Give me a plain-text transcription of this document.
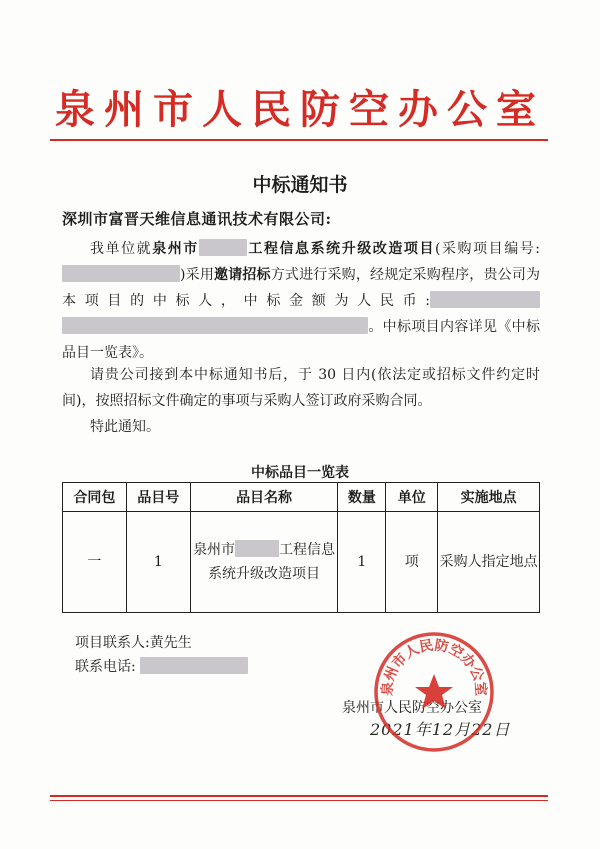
泉州市人民防空办公室
中标通知书
深圳市富晋天维信息通讯技术有限公司:
我单位就泉州市	工程信息系统升级改造项目(采购项目编号:)采用邀请招标方式进行采购，经规定采购程序，贵公司为本项目的中标人，中标金额为人民币: 。中标项目内容详见《中标品目一览表》。
请贵公司接到本中标通知书后，于 30 日内(依法定或招标文件约定时间)，按照招标文件确定的事项与采购人签订政府采购合同。
特此通知。
中标品目一览表
合同包	品目号	品目名称	数量	单位	实施地点
一	1	泉州市 工程信息系统升级改造项目	1	项	采购人指定地点
项目联系人:黄先生
联系电话:
泉州市人民防空办公室
2021年12月22日
泉州市人民防空办公室
